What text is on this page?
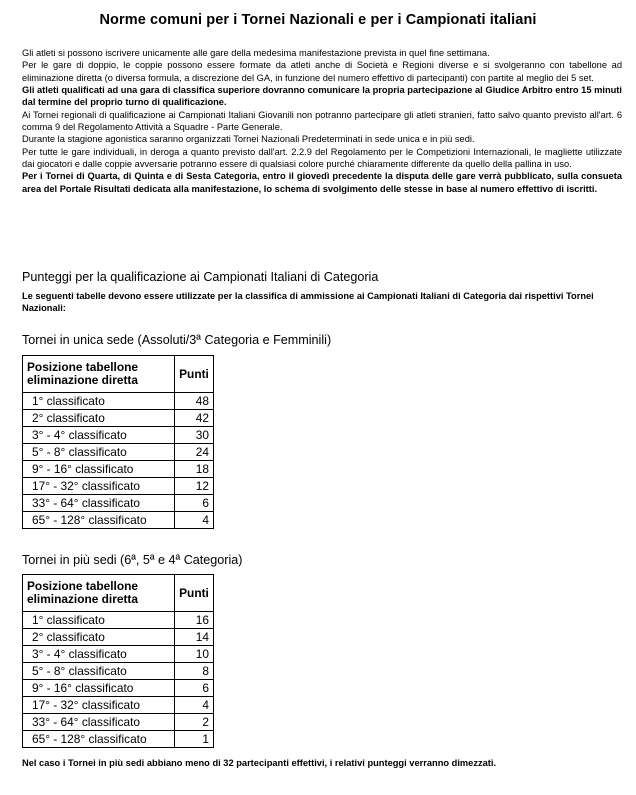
Norme comuni per i Tornei Nazionali e per i Campionati italiani

Gli atleti si possono iscrivere unicamente alle gare della medesima manifestazione prevista in quel fine settimana.

Per le gare di doppio, le coppie possono essere formate da atleti anche di Società e Regioni diverse e si svolgeranno con tabellone ad eliminazione diretta (o diversa formula, a discrezione del GA, in funzione del numero effettivo di partecipanti) con partite al meglio dei 5 set.

Gli atleti qualificati ad una gara di classifica superiore dovranno comunicare la propria partecipazione al Giudice Arbitro entro 15 minuti dal termine del proprio turno di qualificazione.

Ai Tornei regionali di qualificazione ai Campionati Italiani Giovanili non potranno partecipare gli atleti stranieri, fatto salvo quanto previsto all'art. 6 comma 9 del Regolamento Attività a Squadre - Parte Generale.

Durante la stagione agonistica saranno organizzati Tornei Nazionali Predeterminati in sede unica e in più sedi.

Per tutte le gare individuali, in deroga a quanto previsto dall'art. 2.2.9 del Regolamento per le Competizioni Internazionali, le magliette utilizzate dai giocatori e dalle coppie avversarie potranno essere di qualsiasi colore purché chiaramente differente da quello della pallina in uso.

Per i Tornei di Quarta, di Quinta e di Sesta Categoria, entro il giovedì precedente la disputa delle gare verrà pubblicato, sulla consueta area del Portale Risultati dedicata alla manifestazione, lo schema di svolgimento delle stesse in base al numero effettivo di iscritti.

Punteggi per la qualificazione ai Campionati Italiani di Categoria
Le seguenti tabelle devono essere utilizzate per la classifica di ammissione ai Campionati Italiani di Categoria dai rispettivi Tornei Nazionali:
Tornei in unica sede (Assoluti/3ª Categoria e Femminili)
Posizione tabellone eliminazione diretta	Punti
1° classificato	48
2° classificato	42
3° - 4° classificato	30
5° - 8° classificato	24
9° - 16° classificato	18
17° - 32° classificato	12
33° - 64° classificato	6
65° - 128° classificato	4
Tornei in più sedi (6ª, 5ª e 4ª Categoria)
Posizione tabellone eliminazione diretta	Punti
1° classificato	16
2° classificato	14
3° - 4° classificato	10
5° - 8° classificato	8
9° - 16° classificato	6
17° - 32° classificato	4
33° - 64° classificato	2
65° - 128° classificato	1
Nel caso i Tornei in più sedi abbiano meno di 32 partecipanti effettivi, i relativi punteggi verranno dimezzati.
